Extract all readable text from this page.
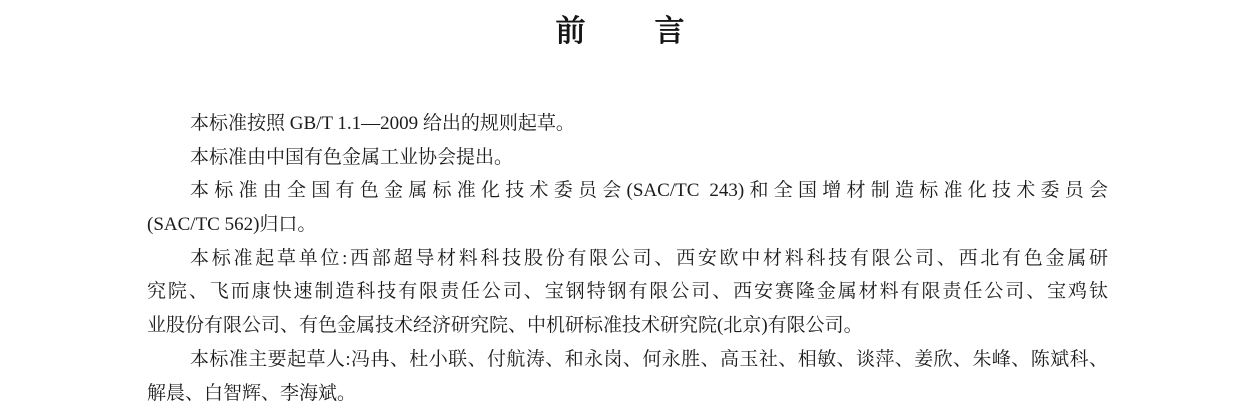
前言
本标准按照 GB/T 1.1—2009 给出的规则起草。
本标准由中国有色金属工业协会提出。
本标准由全国有色金属标准化技术委员会(SAC/TC 243)和全国增材制造标准化技术委员会
(SAC/TC 562)归口。
本标准起草单位:西部超导材料科技股份有限公司、西安欧中材料科技有限公司、西北有色金属研
究院、飞而康快速制造科技有限责任公司、宝钢特钢有限公司、西安赛隆金属材料有限责任公司、宝鸡钛
业股份有限公司、有色金属技术经济研究院、中机研标准技术研究院(北京)有限公司。
本标准主要起草人:冯冉、杜小联、付航涛、和永岗、何永胜、高玉社、相敏、谈萍、姜欣、朱峰、陈斌科、
解晨、白智辉、李海斌。
